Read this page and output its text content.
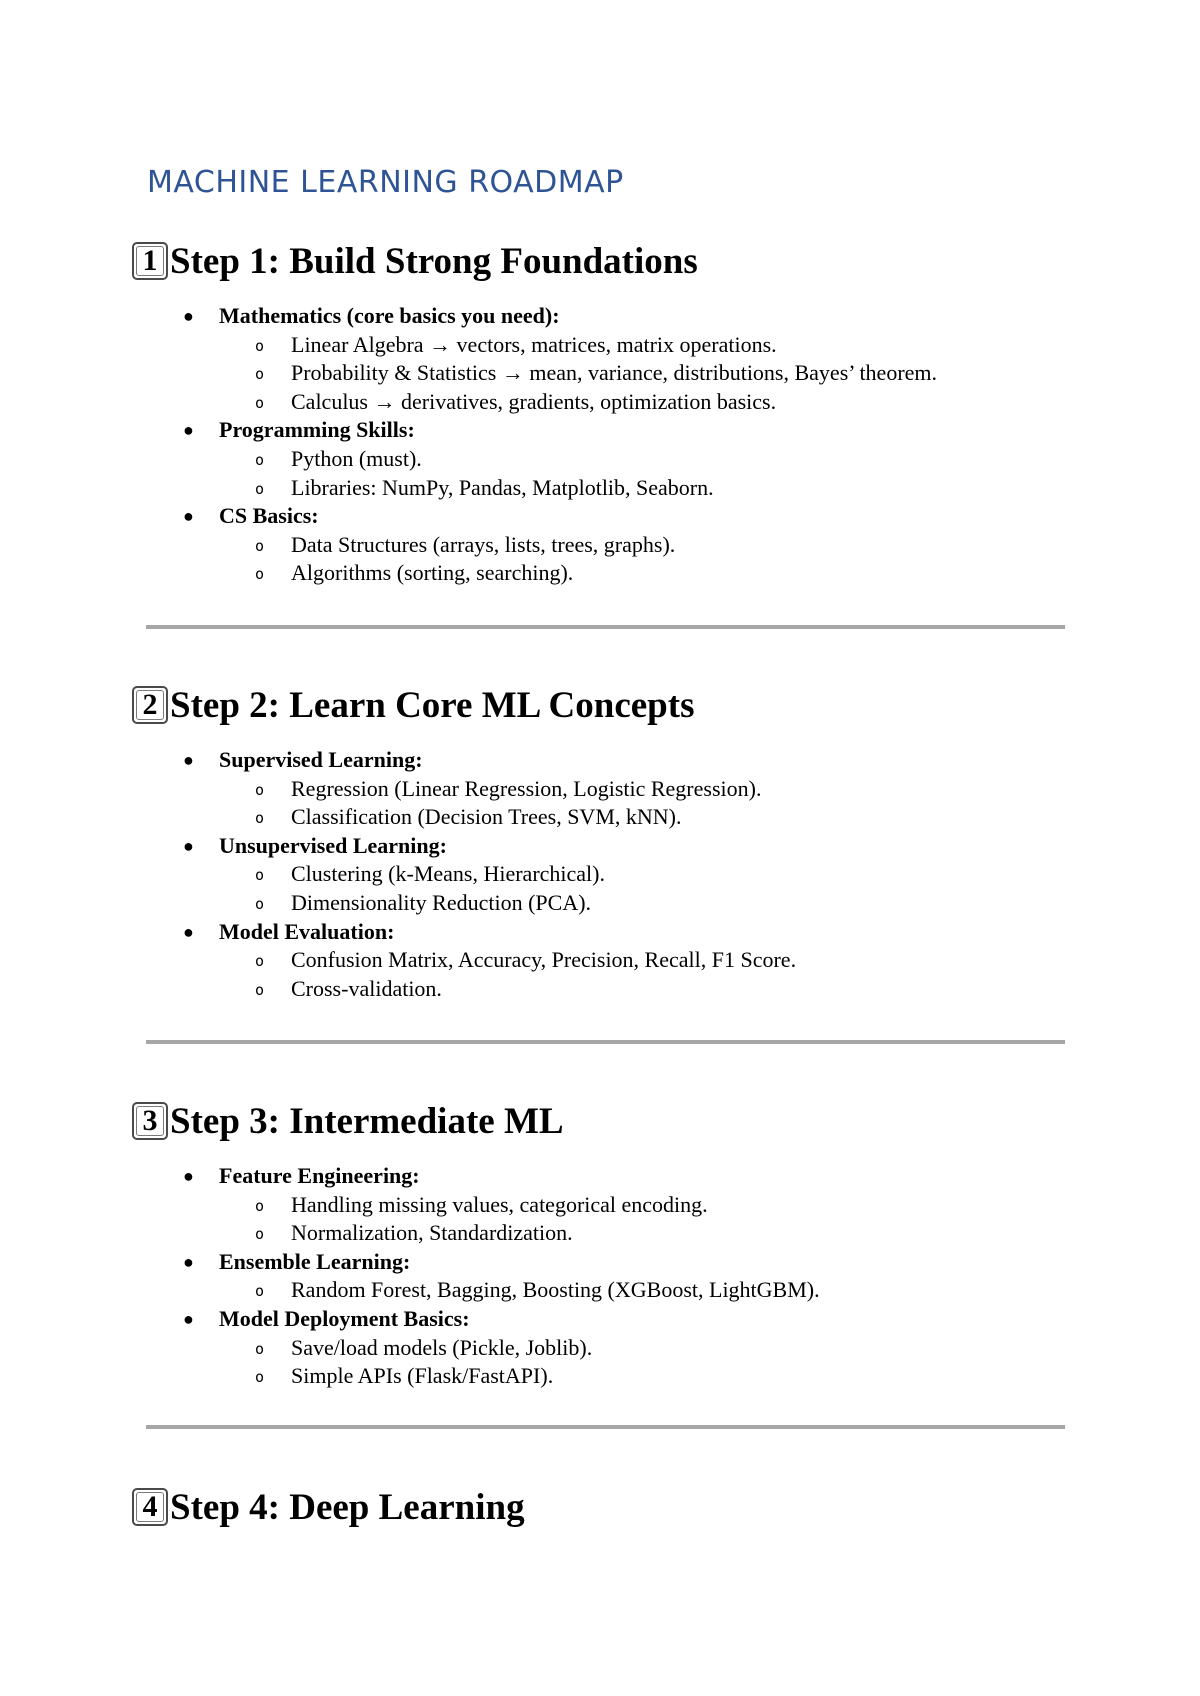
MACHINE LEARNING ROADMAP
1 Step 1: Build Strong Foundations
● Mathematics (core basics you need):
o Linear Algebra → vectors, matrices, matrix operations.
o Probability & Statistics → mean, variance, distributions, Bayes’ theorem.
o Calculus → derivatives, gradients, optimization basics.
● Programming Skills:
o Python (must).
o Libraries: NumPy, Pandas, Matplotlib, Seaborn.
● CS Basics:
o Data Structures (arrays, lists, trees, graphs).
o Algorithms (sorting, searching).
2 Step 2: Learn Core ML Concepts
● Supervised Learning:
o Regression (Linear Regression, Logistic Regression).
o Classification (Decision Trees, SVM, kNN).
● Unsupervised Learning:
o Clustering (k-Means, Hierarchical).
o Dimensionality Reduction (PCA).
● Model Evaluation:
o Confusion Matrix, Accuracy, Precision, Recall, F1 Score.
o Cross-validation.
3 Step 3: Intermediate ML
● Feature Engineering:
o Handling missing values, categorical encoding.
o Normalization, Standardization.
● Ensemble Learning:
o Random Forest, Bagging, Boosting (XGBoost, LightGBM).
● Model Deployment Basics:
o Save/load models (Pickle, Joblib).
o Simple APIs (Flask/FastAPI).
4 Step 4: Deep Learning
